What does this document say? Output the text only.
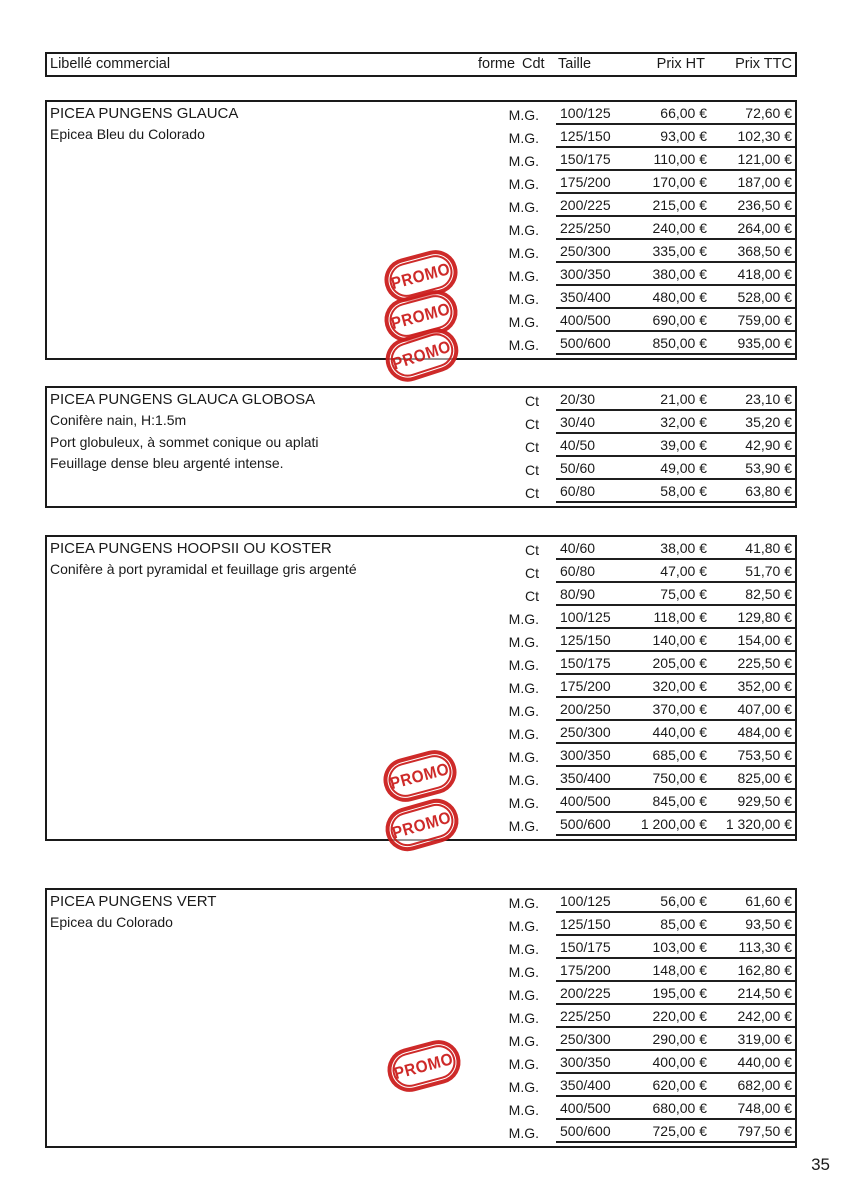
Libellé commercial	forme Cdt Taille	Prix HT Prix TTC
PICEA PUNGENS GLAUCA
Epicea Bleu du Colorado
M.G.	100/125	66,00 €	72,60 €
M.G.	125/150	93,00 €	102,30 €
M.G.	150/175	110,00 €	121,00 €
M.G.	175/200	170,00 €	187,00 €
M.G.	200/225	215,00 €	236,50 €
M.G.	225/250	240,00 €	264,00 €
M.G.	250/300	335,00 €	368,50 €
M.G.	300/350	380,00 €	418,00 €
M.G.	350/400	480,00 €	528,00 €
M.G.	400/500	690,00 €	759,00 €
M.G.	500/600	850,00 €	935,00 €
PICEA PUNGENS GLAUCA GLOBOSA
Conifère nain, H:1.5m
Port globuleux, à sommet conique ou aplati
Feuillage dense bleu argenté intense.
Ct	20/30	21,00 €	23,10 €
Ct	30/40	32,00 €	35,20 €
Ct	40/50	39,00 €	42,90 €
Ct	50/60	49,00 €	53,90 €
Ct	60/80	58,00 €	63,80 €
PICEA PUNGENS HOOPSII OU KOSTER
Conifère à port pyramidal et feuillage gris argenté
Ct	40/60	38,00 €	41,80 €
Ct	60/80	47,00 €	51,70 €
Ct	80/90	75,00 €	82,50 €
M.G.	100/125	118,00 €	129,80 €
M.G.	125/150	140,00 €	154,00 €
M.G.	150/175	205,00 €	225,50 €
M.G.	175/200	320,00 €	352,00 €
M.G.	200/250	370,00 €	407,00 €
M.G.	250/300	440,00 €	484,00 €
M.G.	300/350	685,00 €	753,50 €
M.G.	350/400	750,00 €	825,00 €
M.G.	400/500	845,00 €	929,50 €
M.G.	500/600	1 200,00 €	1 320,00 €
PICEA PUNGENS VERT
Epicea du Colorado
M.G.	100/125	56,00 €	61,60 €
M.G.	125/150	85,00 €	93,50 €
M.G.	150/175	103,00 €	113,30 €
M.G.	175/200	148,00 €	162,80 €
M.G.	200/225	195,00 €	214,50 €
M.G.	225/250	220,00 €	242,00 €
M.G.	250/300	290,00 €	319,00 €
M.G.	300/350	400,00 €	440,00 €
M.G.	350/400	620,00 €	682,00 €
M.G.	400/500	680,00 €	748,00 €
M.G.	500/600	725,00 €	797,50 €
35
PROMO
PROMO
PROMO
PROMO
PROMO
PROMO
